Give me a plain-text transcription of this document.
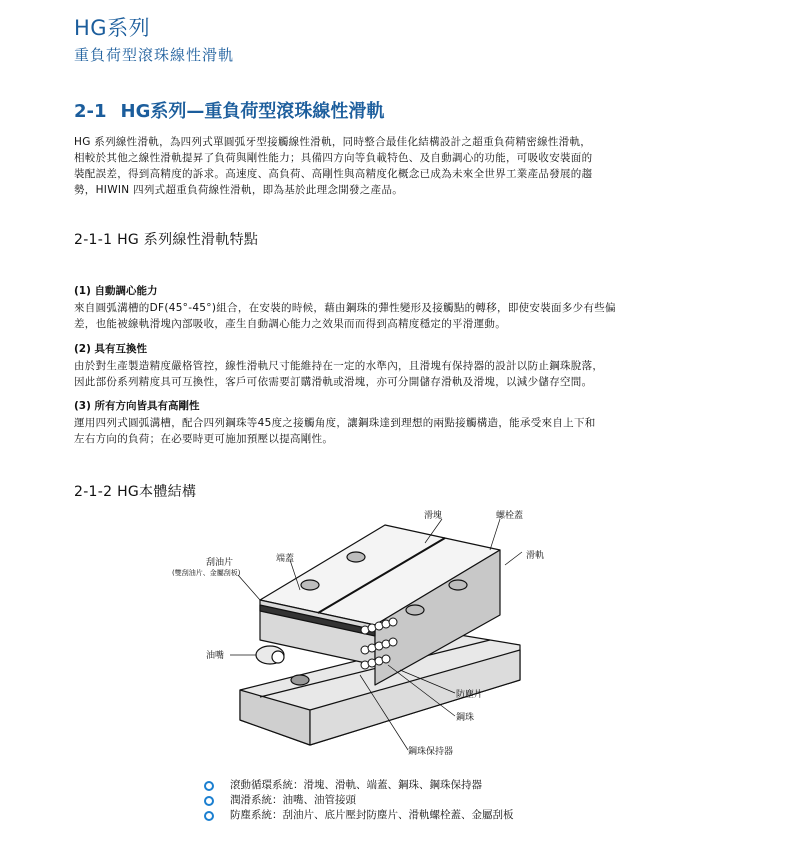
HG系列
重負荷型滾珠線性滑軌
2-1 HG系列—重負荷型滾珠線性滑軌
HG 系列線性滑軌，為四列式單圓弧牙型接觸線性滑軌，同時整合最佳化結構設計之超重負荷精密線性滑軌，
相較於其他之線性滑軌提昇了負荷與剛性能力；具備四方向等負載特色、及自動調心的功能，可吸收安裝面的
裝配誤差，得到高精度的訴求。高速度、高負荷、高剛性與高精度化概念已成為未來全世界工業產品發展的趨
勢，HIWIN 四列式超重負荷線性滑軌，即為基於此理念開發之產品。
2-1-1 HG 系列線性滑軌特點
(1) 自動調心能力
來自圓弧溝槽的DF(45°-45°)組合，在安裝的時候，藉由鋼珠的彈性變形及接觸點的轉移，即使安裝面多少有些偏
差，也能被線軌滑塊內部吸收，產生自動調心能力之效果而而得到高精度穩定的平滑運動。
(2) 具有互換性
由於對生產製造精度嚴格管控，線性滑軌尺寸能維持在一定的水準內，且滑塊有保持器的設計以防止鋼珠脫落，
因此部份系列精度具可互換性，客戶可依需要訂購滑軌或滑塊，亦可分開儲存滑軌及滑塊，以減少儲存空間。
(3) 所有方向皆具有高剛性
運用四列式圓弧溝槽，配合四列鋼珠等45度之接觸角度，讓鋼珠達到理想的兩點接觸構造，能承受來自上下和
左右方向的負荷；在必要時更可施加預壓以提高剛性。
2-1-2 HG本體結構
滑塊	螺栓蓋
滑軌
刮油片
(雙刮油片、金屬刮板)
端蓋
油嘴
防塵片
鋼珠
鋼珠保持器
滾動循環系統：滑塊、滑軌、端蓋、鋼珠、鋼珠保持器
潤滑系統：油嘴、油管接頭
防塵系統：刮油片、底片壓封防塵片、滑軌螺栓蓋、金屬刮板
